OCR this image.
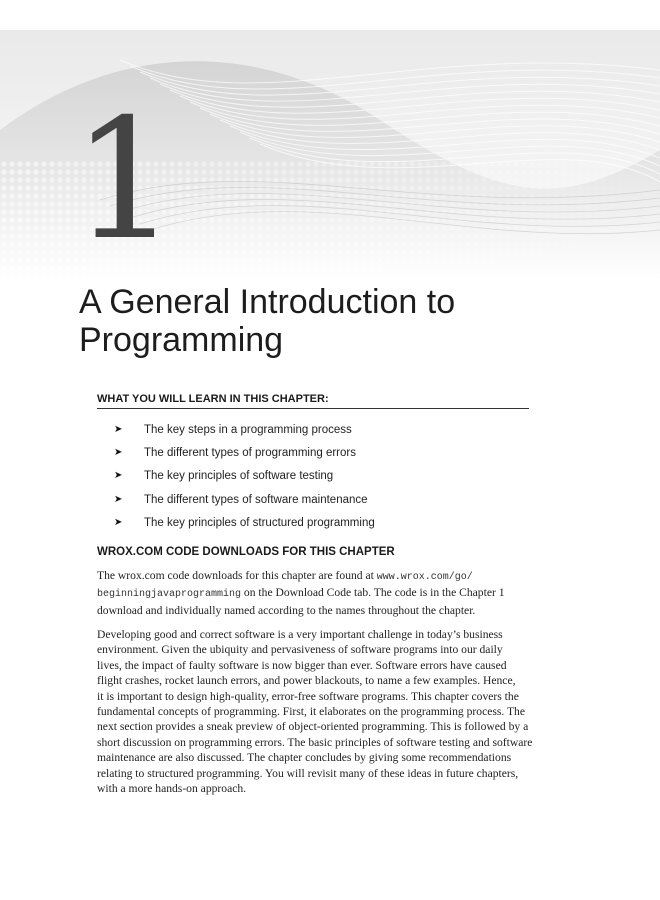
1
A General Introduction to
Programming
WHAT YOU WILL LEARN IN THIS CHAPTER:
➤	The key steps in a programming process
➤	The different types of programming errors
➤	The key principles of software testing
➤	The different types of software maintenance
➤	The key principles of structured programming
WROX.COM CODE DOWNLOADS FOR THIS CHAPTER

The wrox.com code downloads for this chapter are found at www.wrox.com/go/
beginningjavaprogramming on the Download Code tab. The code is in the Chapter 1
download and individually named according to the names throughout the chapter.

Developing good and correct software is a very important challenge in today’s business
environment. Given the ubiquity and pervasiveness of software programs into our daily
lives, the impact of faulty software is now bigger than ever. Software errors have caused
flight crashes, rocket launch errors, and power blackouts, to name a few examples. Hence,
it is important to design high-quality, error-free software programs. This chapter covers the
fundamental concepts of programming. First, it elaborates on the programming process. The
next section provides a sneak preview of object-oriented programming. This is followed by a
short discussion on programming errors. The basic principles of software testing and software
maintenance are also discussed. The chapter concludes by giving some recommendations
relating to structured programming. You will revisit many of these ideas in future chapters,
with a more hands-on approach.
